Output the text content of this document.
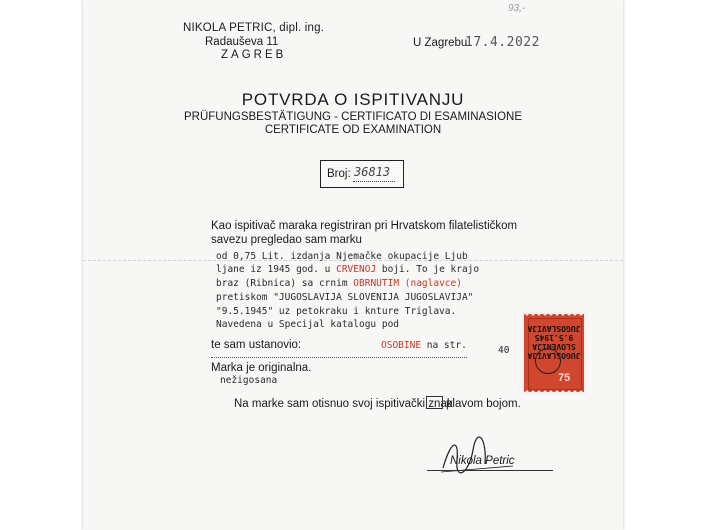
93,-
NIKOLA PETRIC, dipl. ing.
Radauševa 11
ZAGREB
U Zagrebu
17.4.2022
POTVRDA O ISPITIVANJU
PRÜFUNGSBESTÄTIGUNG - CERTIFICATO DI ESAMINASIONE
CERTIFICATE OD EXAMINATION
Broj: 36813
Kao ispitivač maraka registriran pri Hrvatskom filatelističkom
savezu pregledao sam marku
od 0,75 Lit. izdanja Njemačke okupacije Ljub
ljane iz 1945 god. u CRVENOJ boji. To je krajo
braz (Ribnica) sa crnim OBRNUTIM (naglavce)
pretiskom "JUGOSLAVIJA SLOVENIJA JUGOSLAVIJA"
"9.5.1945" uz petokraku i knture Triglava.
Navedena u Specijal katalogu pod
te sam ustanovio:	OSOBINE na str.	40
Marka je originalna.
nežigosana
Na marke sam otisnuo svoj ispitivački znak
plavom bojom.
Nikola Petric
JUGOSLAVIJA
SLOVENIJA
9.5.1945
JUGOSLAVIJA
75
